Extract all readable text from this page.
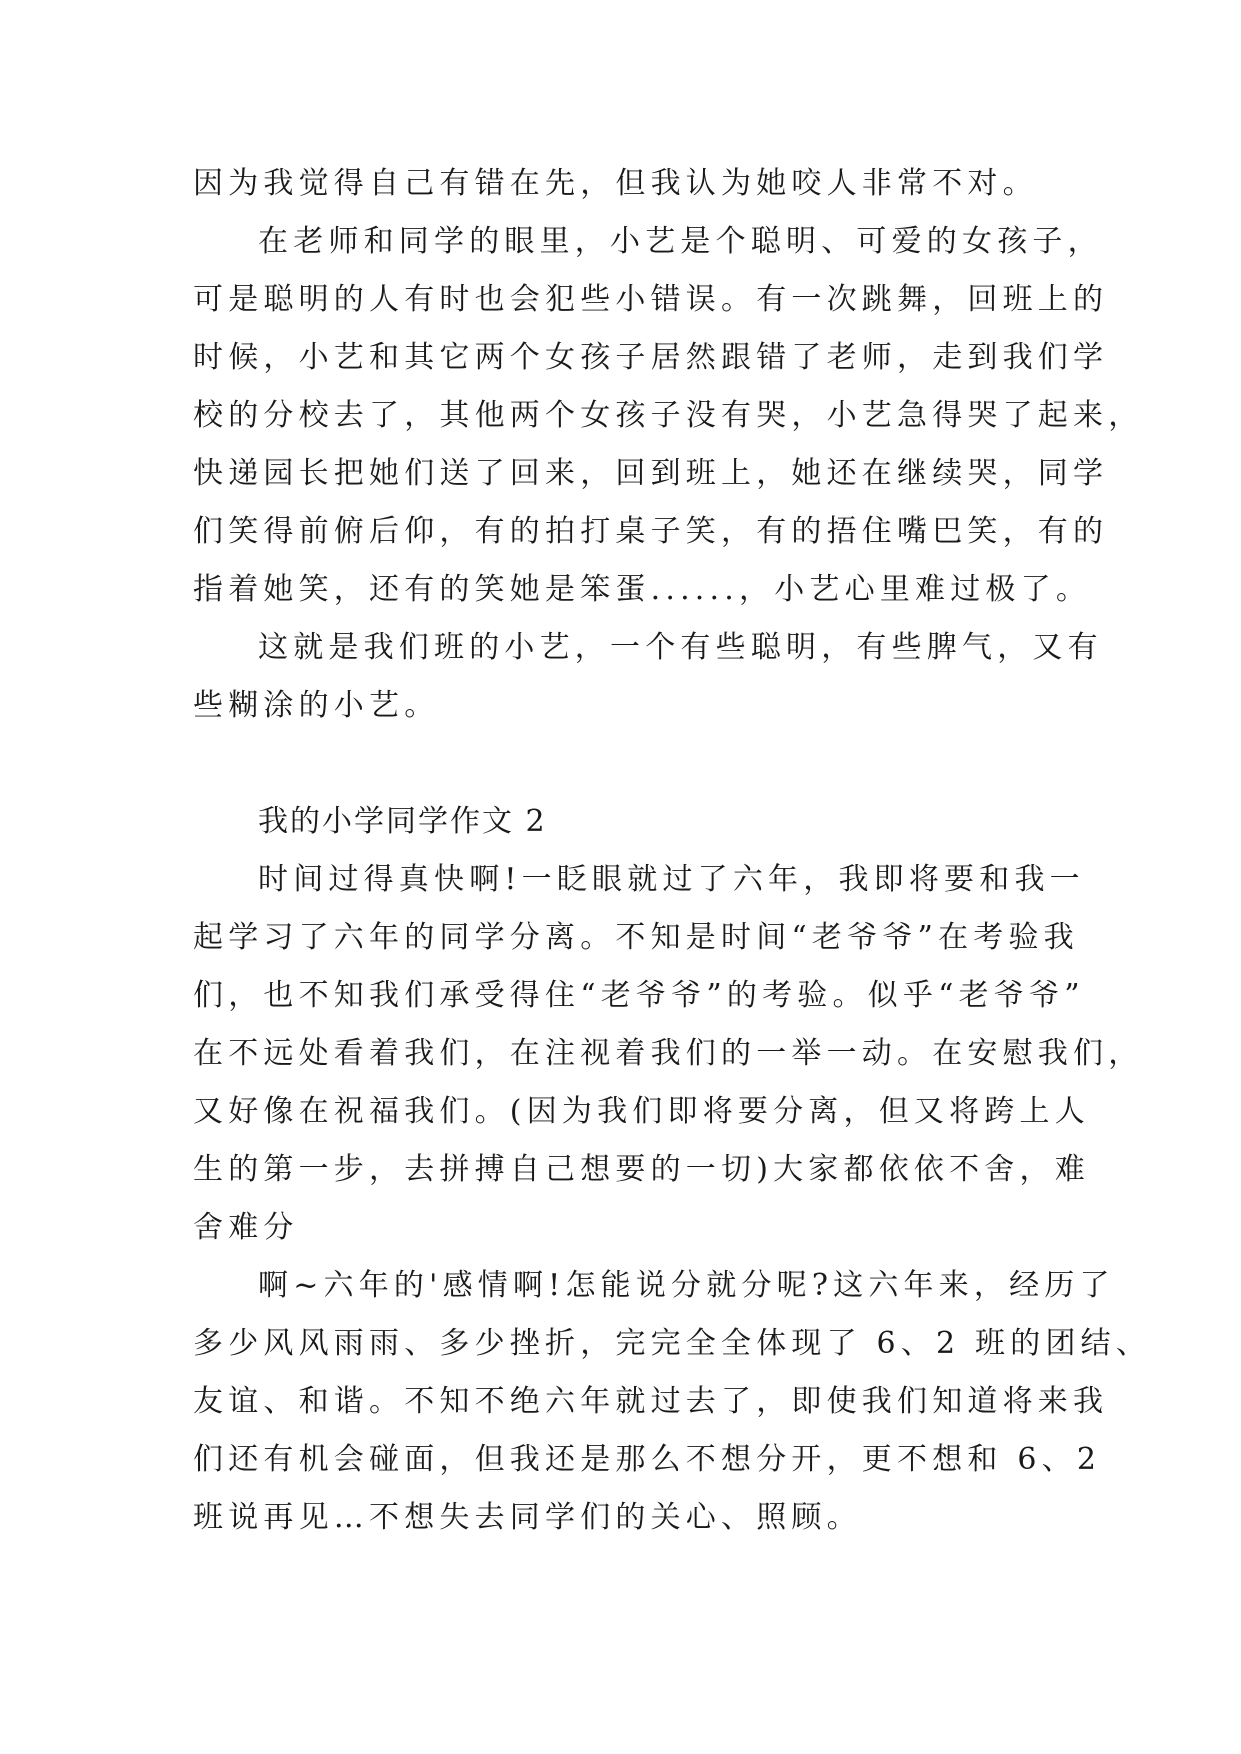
因为我觉得自己有错在先，但我认为她咬人非常不对。
在老师和同学的眼里，小艺是个聪明、可爱的女孩子，
可是聪明的人有时也会犯些小错误。有一次跳舞，回班上的
时候，小艺和其它两个女孩子居然跟错了老师，走到我们学
校的分校去了，其他两个女孩子没有哭，小艺急得哭了起来，
快递园长把她们送了回来，回到班上，她还在继续哭，同学
们笑得前俯后仰，有的拍打桌子笑，有的捂住嘴巴笑，有的
指着她笑，还有的笑她是笨蛋......，小艺心里难过极了。
这就是我们班的小艺，一个有些聪明，有些脾气，又有
些糊涂的小艺。
我的小学同学作文 2
时间过得真快啊!一眨眼就过了六年，我即将要和我一
起学习了六年的同学分离。不知是时间“老爷爷”在考验我
们，也不知我们承受得住“老爷爷”的考验。似乎“老爷爷”
在不远处看着我们，在注视着我们的一举一动。在安慰我们，
又好像在祝福我们。(因为我们即将要分离，但又将跨上人
生的第一步，去拼搏自己想要的一切)大家都依依不舍，难
舍难分
啊~六年的'感情啊!怎能说分就分呢?这六年来，经历了
多少风风雨雨、多少挫折，完完全全体现了 6、2 班的团结、
友谊、和谐。不知不绝六年就过去了，即使我们知道将来我
们还有机会碰面，但我还是那么不想分开，更不想和 6、2
班说再见…不想失去同学们的关心、照顾。
